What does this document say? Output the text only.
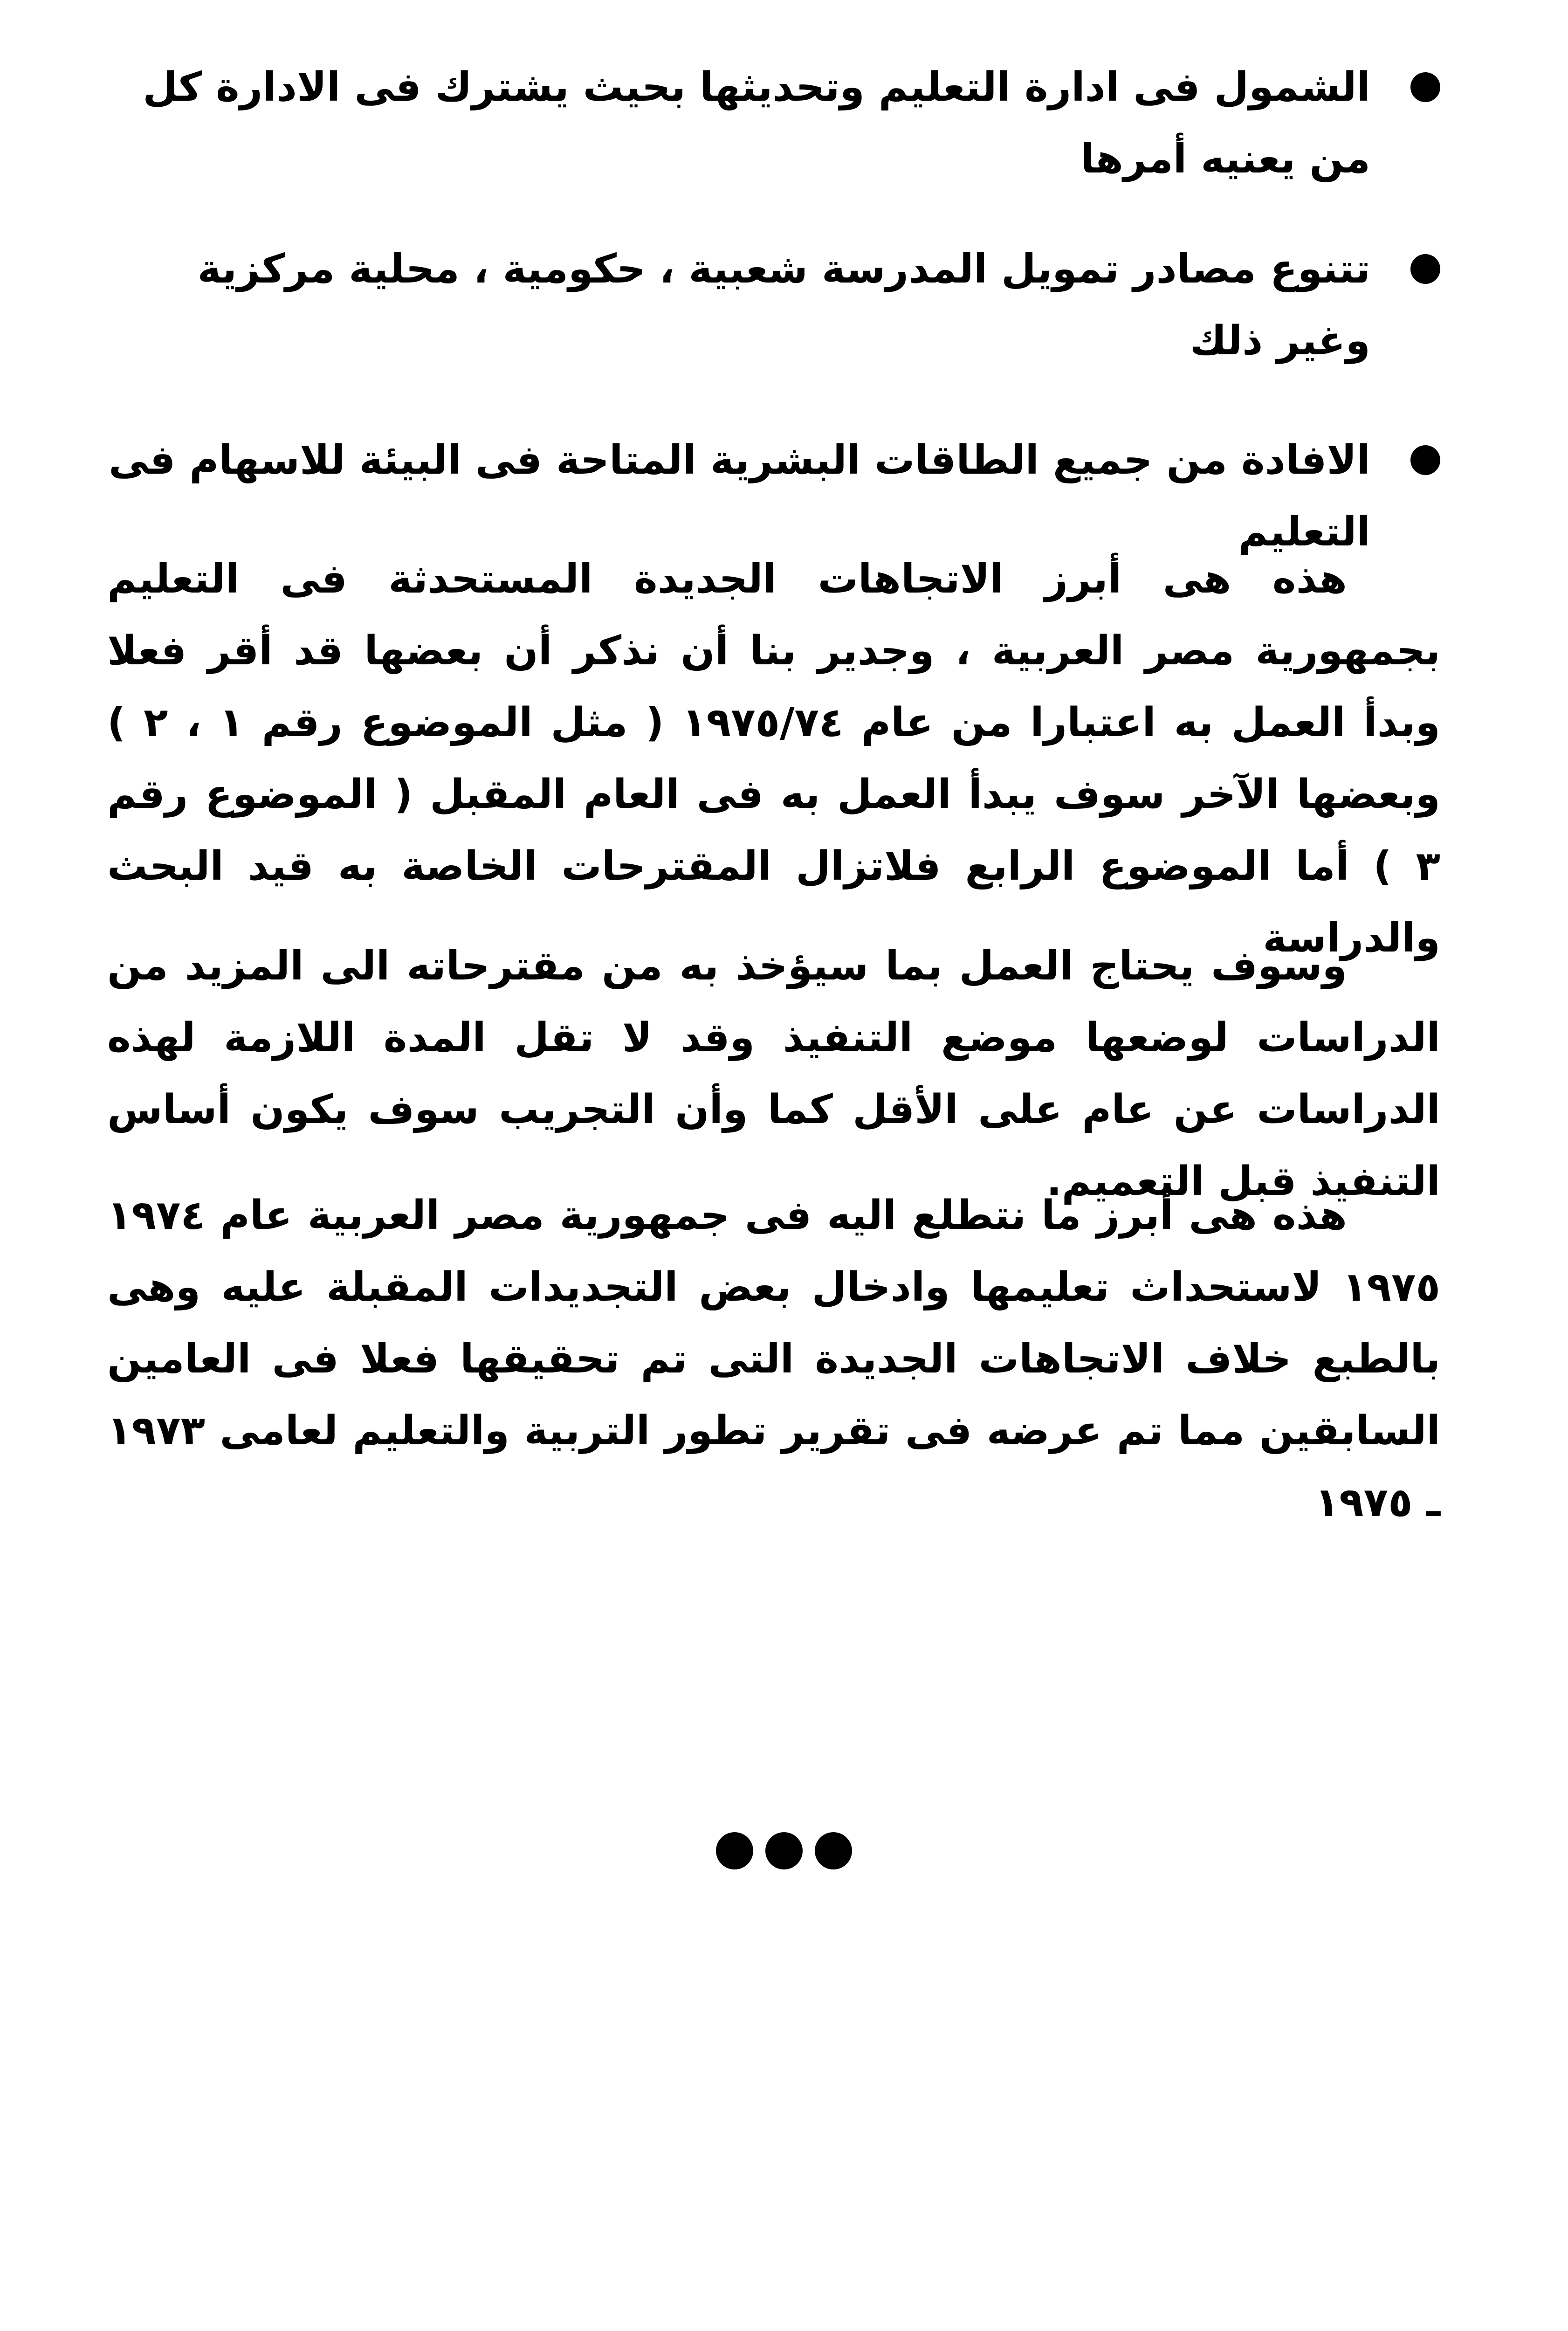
الشمول فى ادارة التعليم وتحديثها بحيث يشترك فى الادارة كل من يعنيه أمرها
تتنوع مصادر تمويل المدرسة شعبية ، حكومية ، محلية مركزية وغير ذلك
الافادة من جميع الطاقات البشرية المتاحة فى البيئة للاسهام فى التعليم
هذه هى أبرز الاتجاهات الجديدة المستحدثة فى التعليم بجمهورية مصر العربية ، وجدير بنا أن نذكر أن بعضها قد أقر فعلا وبدأ العمل به اعتبارا من عام ١٩٧٥/٧٤ ( مثل الموضوع رقم ١ ، ٢ ) وبعضها الآخر سوف يبدأ العمل به فى العام المقبل ( الموضوع رقم ٣ ) أما الموضوع الرابع فلاتزال المقترحات الخاصة به قيد البحث والدراسة
وسوف يحتاج العمل بما سيؤخذ به من مقترحاته الى المزيد من الدراسات لوضعها موضع التنفيذ وقد لا تقل المدة اللازمة لهذه الدراسات عن عام على الأقل كما وأن التجريب سوف يكون أساس التنفيذ قبل التعميم.
هذه هى أبرز ما نتطلع اليه فى جمهورية مصر العربية عام ١٩٧٤ ١٩٧٥ لاستحداث تعليمها وادخال بعض التجديدات المقبلة عليه وهى بالطبع خلاف الاتجاهات الجديدة التى تم تحقيقها فعلا فى العامين السابقين مما تم عرضه فى تقرير تطور التربية والتعليم لعامى ١٩٧٣ ـ ١٩٧٥
